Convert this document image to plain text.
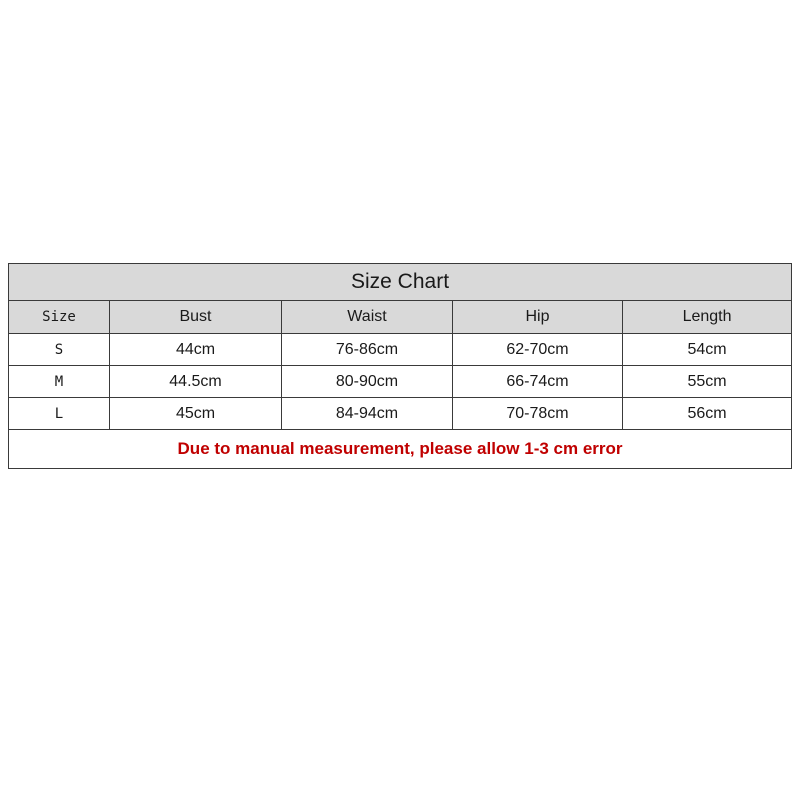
Size Chart				
Size	Bust	Waist	Hip	Length
S	44cm	76-86cm	62-70cm	54cm
M	44.5cm	80-90cm	66-74cm	55cm
L	45cm	84-94cm	70-78cm	56cm
Due to manual measurement, please allow 1-3 cm error				
